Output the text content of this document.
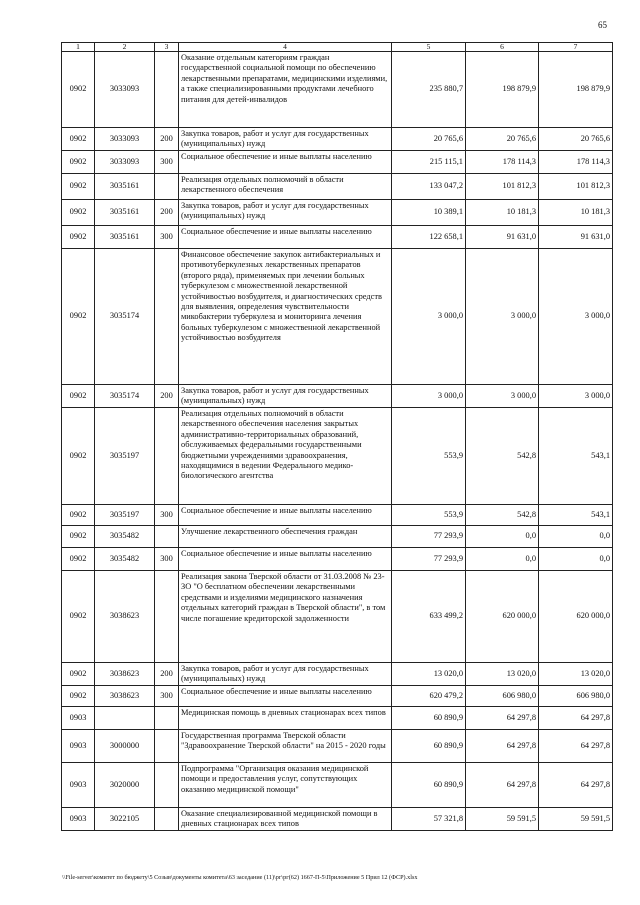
65
1	2	3	4	5	6	7
0902	3033093		Оказание отдельным категориям граждан государственной социальной помощи по обеспечению лекарственными препаратами, медицинскими изделиями, а также специализированными продуктами лечебного питания для детей-инвалидов	235 880,7	198 879,9	198 879,9
0902	3033093	200	Закупка товаров, работ и услуг для государственных (муниципальных) нужд	20 765,6	20 765,6	20 765,6
0902	3033093	300	Социальное обеспечение и иные выплаты населению	215 115,1	178 114,3	178 114,3
0902	3035161		Реализация отдельных полномочий в области лекарственного обеспечения	133 047,2	101 812,3	101 812,3
0902	3035161	200	Закупка товаров, работ и услуг для государственных (муниципальных) нужд	10 389,1	10 181,3	10 181,3
0902	3035161	300	Социальное обеспечение и иные выплаты населению	122 658,1	91 631,0	91 631,0
0902	3035174		Финансовое обеспечение закупок антибактериальных и противотуберкулезных лекарственных препаратов (второго ряда), применяемых при лечении больных туберкулезом с множественной лекарственной устойчивостью возбудителя, и диагностических средств для выявления, определения чувствительности микобактерии туберкулеза и мониторинга лечения больных туберкулезом с множественной лекарственной устойчивостью возбудителя	3 000,0	3 000,0	3 000,0
0902	3035174	200	Закупка товаров, работ и услуг для государственных (муниципальных) нужд	3 000,0	3 000,0	3 000,0
0902	3035197		Реализация отдельных полномочий в области лекарственного обеспечения населения закрытых административно-территориальных образований, обслуживаемых федеральными государственными бюджетными учреждениями здравоохранения, находящимися в ведении Федерального медико-биологического агентства	553,9	542,8	543,1
0902	3035197	300	Социальное обеспечение и иные выплаты населению	553,9	542,8	543,1
0902	3035482		Улучшение лекарственного обеспечения граждан	77 293,9	0,0	0,0
0902	3035482	300	Социальное обеспечение и иные выплаты населению	77 293,9	0,0	0,0
0902	3038623		Реализация закона Тверской области от 31.03.2008 № 23-ЗО "О бесплатном обеспечении лекарственными средствами и изделиями медицинского назначения отдельных категорий граждан в Тверской области", в том числе погашение кредиторской задолженности	633 499,2	620 000,0	620 000,0
0902	3038623	200	Закупка товаров, работ и услуг для государственных (муниципальных) нужд	13 020,0	13 020,0	13 020,0
0902	3038623	300	Социальное обеспечение и иные выплаты населению	620 479,2	606 980,0	606 980,0
0903			Медицинская помощь в дневных стационарах всех типов	60 890,9	64 297,8	64 297,8
0903	3000000		Государственная программа Тверской области "Здравоохранение Тверской области" на 2015 - 2020 годы	60 890,9	64 297,8	64 297,8
0903	3020000		Подпрограмма "Организация оказания медицинской помощи и предоставления услуг, сопутствующих оказанию медицинской помощи"	60 890,9	64 297,8	64 297,8
0903	3022105		Оказание специализированной медицинской помощи в дневных стационарах всех типов	57 321,8	59 591,5	59 591,5
\\File-server\комитет по бюджету\5 Созыв\документы комитета\63 заседание (11)\рг\рг(62) 1667-П-5\Приложение 5 Прил 12 (ФСР).xlsx
